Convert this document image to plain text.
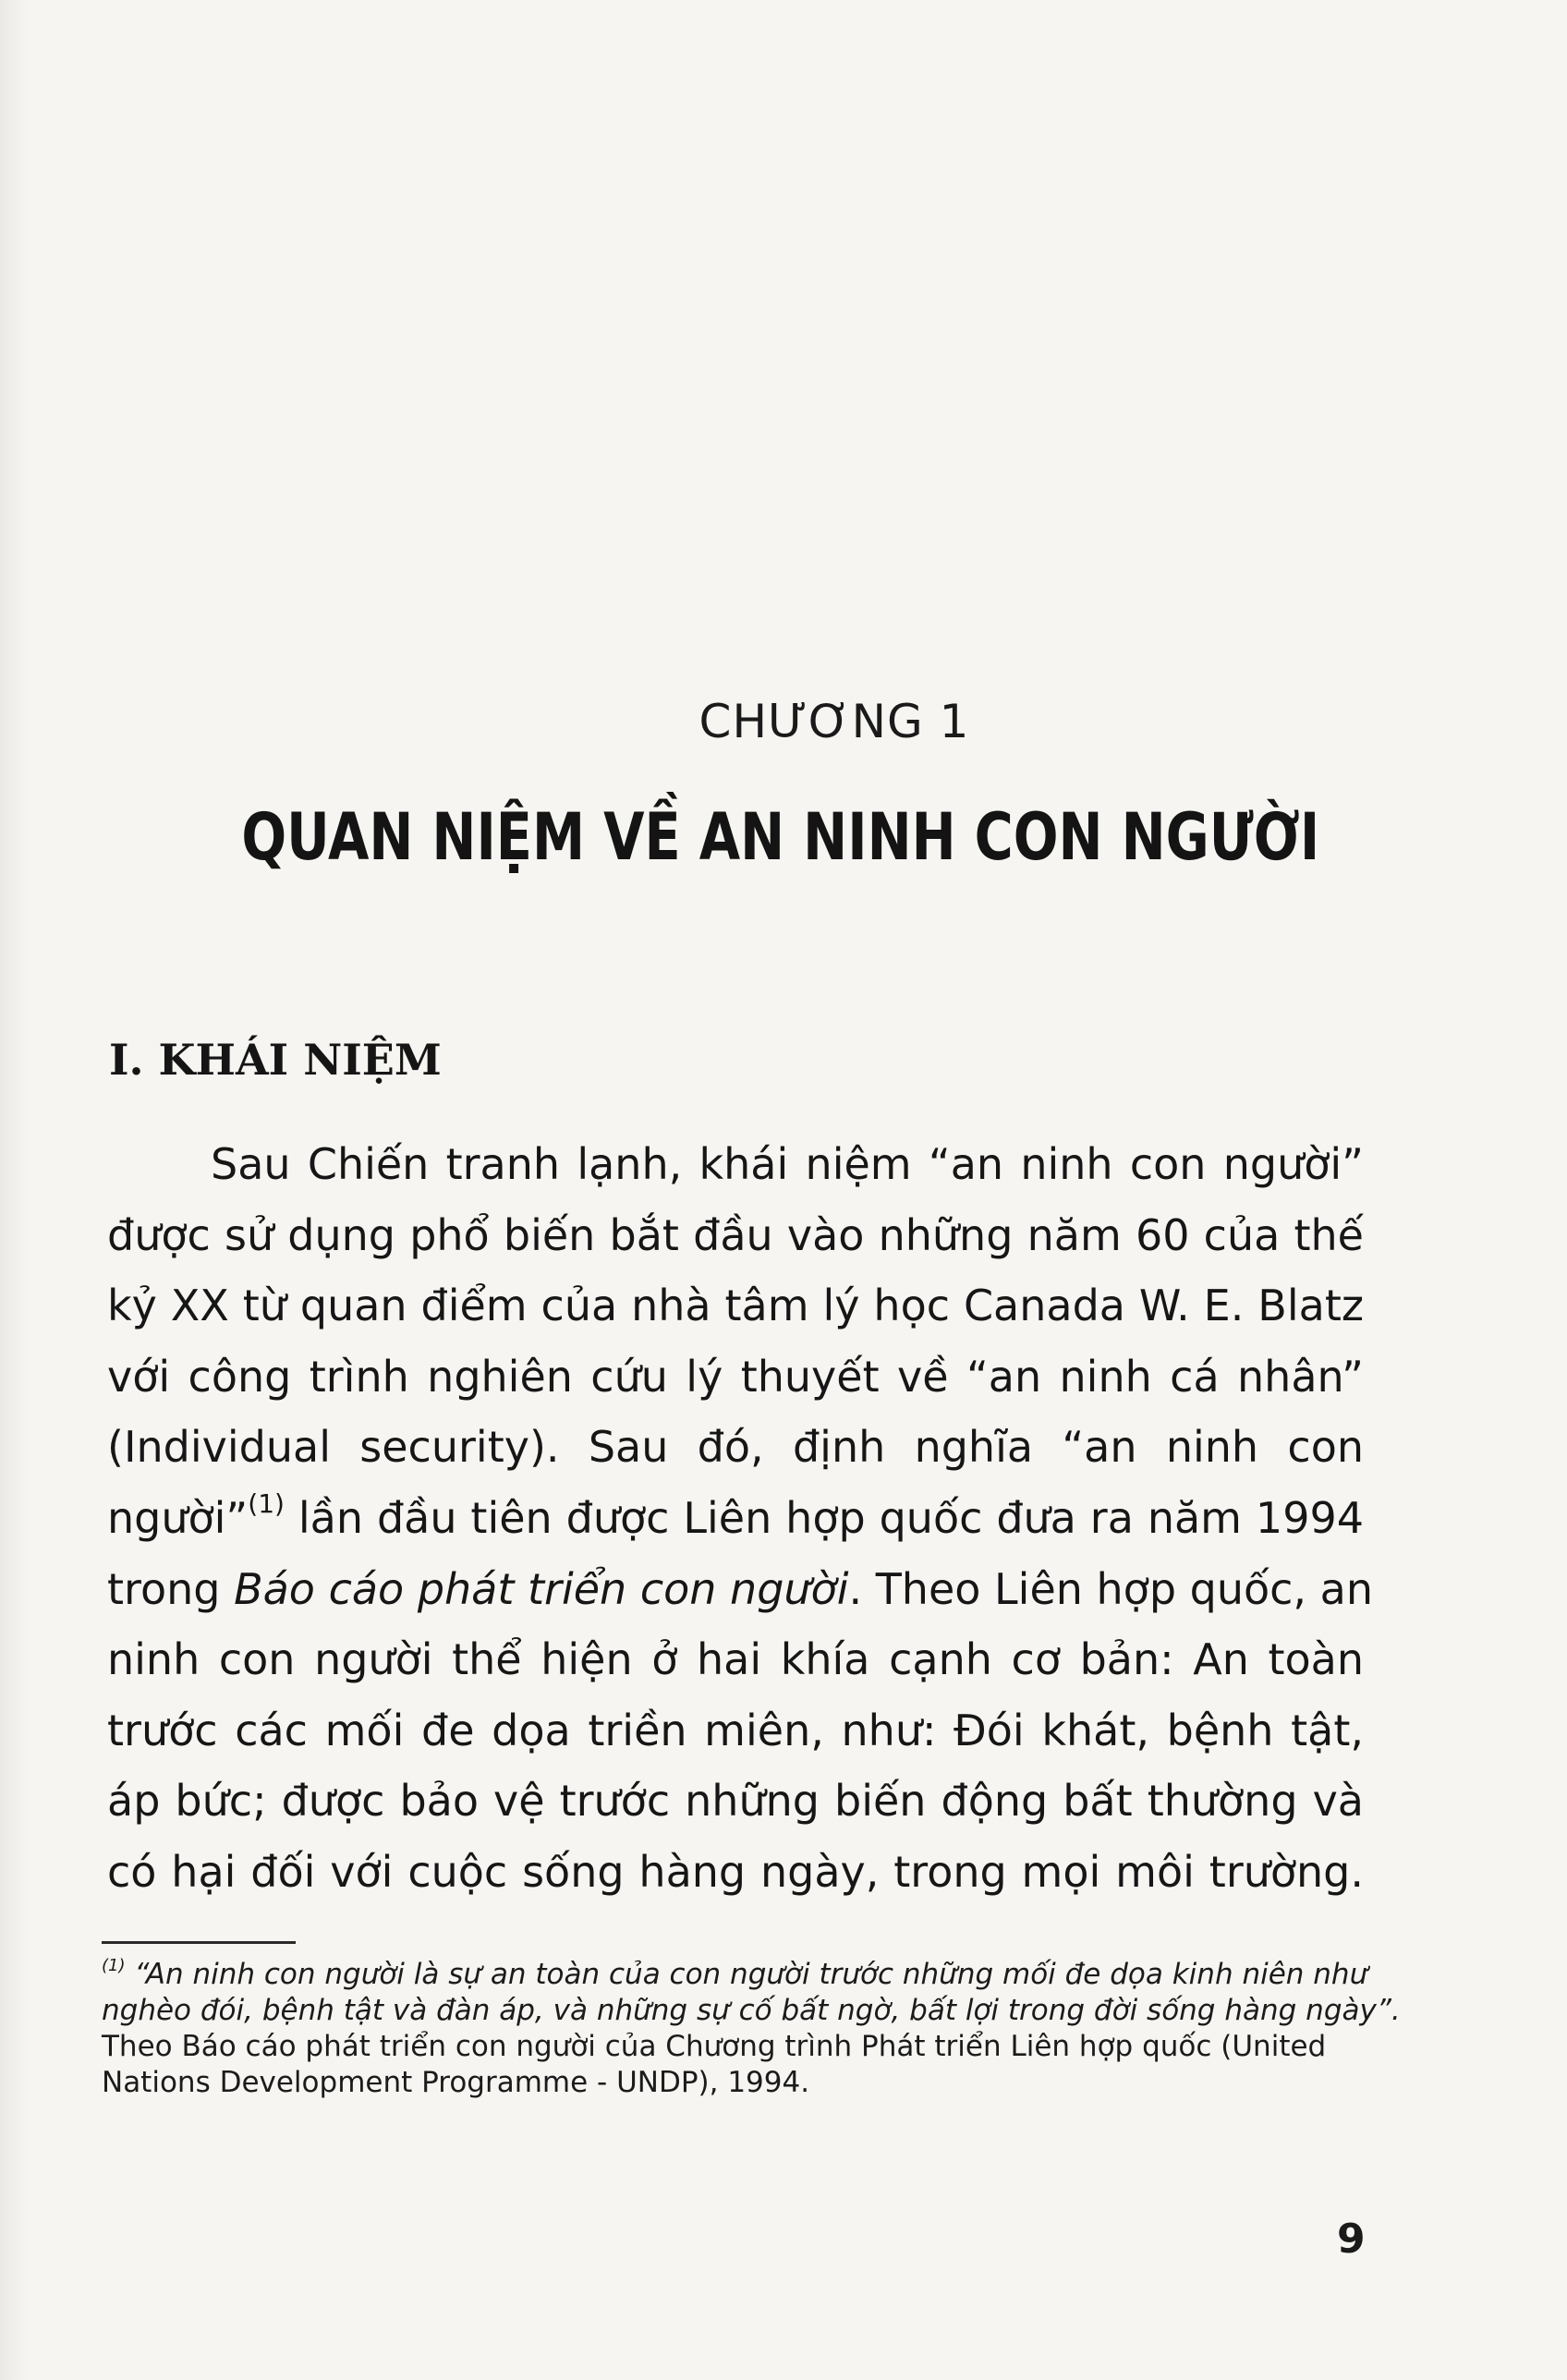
CHƯƠNG 1
QUAN NIỆM VỀ AN NINH CON NGƯỜI
I. KHÁI NIỆM
Sau Chiến tranh lạnh, khái niệm “an ninh con người”
được sử dụng phổ biến bắt đầu vào những năm 60 của thế
kỷ XX từ quan điểm của nhà tâm lý học Canada W. E. Blatz
với công trình nghiên cứu lý thuyết về “an ninh cá nhân”
(Individual security). Sau đó, định nghĩa “an ninh con
người”$^{(1)}$ lần đầu tiên được Liên hợp quốc đưa ra năm 1994
trong Báo cáo phát triển con người. Theo Liên hợp quốc, an
ninh con người thể hiện ở hai khía cạnh cơ bản: An toàn
trước các mối đe dọa triền miên, như: Đói khát, bệnh tật,
áp bức; được bảo vệ trước những biến động bất thường và
có hại đối với cuộc sống hàng ngày, trong mọi môi trường.
$^{(1)}$ “An ninh con người là sự an toàn của con người trước những mối đe dọa kinh niên như
nghèo đói, bệnh tật và đàn áp, và những sự cố bất ngờ, bất lợi trong đời sống hàng ngày”.
Theo Báo cáo phát triển con người của Chương trình Phát triển Liên hợp quốc (United
Nations Development Programme - UNDP), 1994.
9
